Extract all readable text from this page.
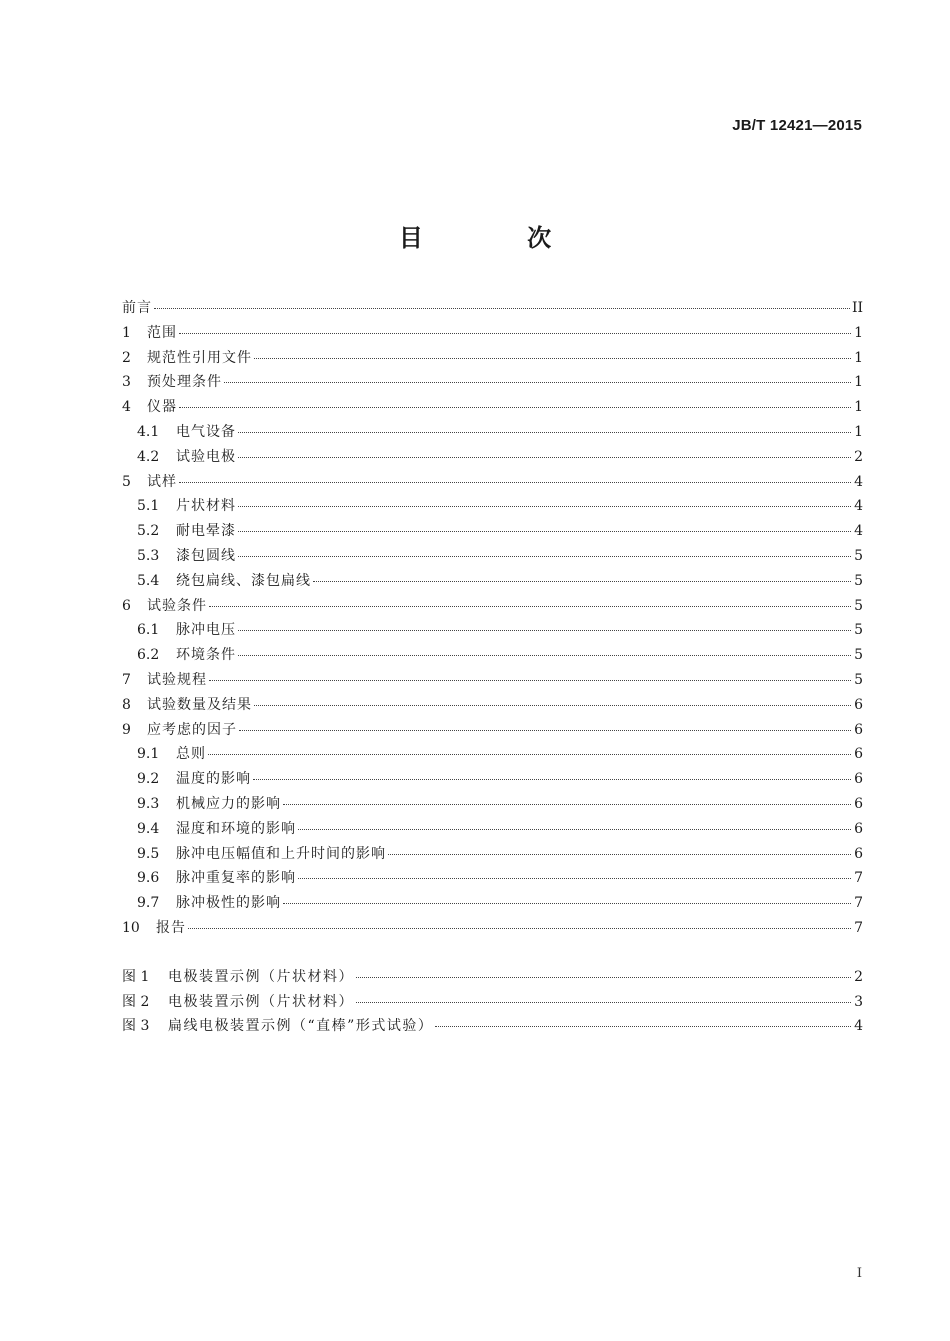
JB/T 12421—2015
目 次
前言	II
1	范围	1
2	规范性引用文件	1
3	预处理条件	1
4	仪器	1
4.1	电气设备	1
4.2	试验电极	2
5	试样	4
5.1	片状材料	4
5.2	耐电晕漆	4
5.3	漆包圆线	5
5.4	绕包扁线、漆包扁线	5
6	试验条件	5
6.1	脉冲电压	5
6.2	环境条件	5
7	试验规程	5
8	试验数量及结果	6
9	应考虑的因子	6
9.1	总则	6
9.2	温度的影响	6
9.3	机械应力的影响	6
9.4	湿度和环境的影响	6
9.5	脉冲电压幅值和上升时间的影响	6
9.6	脉冲重复率的影响	7
9.7	脉冲极性的影响	7
10	报告	7
图 1	电极装置示例（片状材料）	2
图 2	电极装置示例（片状材料）	3
图 3	扁线电极装置示例（“直棒”形式试验）	4
I
